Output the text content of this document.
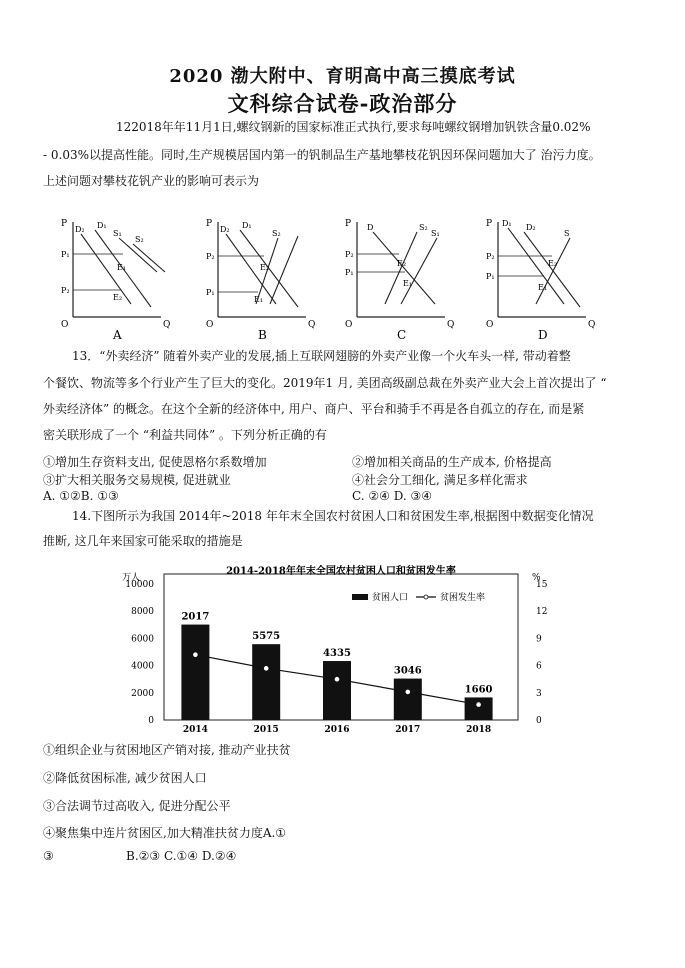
2020 渤大附中、育明高中高三摸底考试
文科综合试卷-政治部分
122018年年11月1日,螺纹钢新的国家标准正式执行,要求每吨螺纹钢增加钒铁含量0.02%
- 0.03%以提高性能。同时,生产规模居国内第一的钒制品生产基地攀枝花钒因环保问题加大了 治污力度。
上述问题对攀枝花钒产业的影响可表示为
P
Q
O
D₂ D₁
S₁
S₂
P₁
P₂
E₁
E₂
A
P
Q
O
D₂ D₁
S₂
P₂
P₁
E₂
E₁
B
P
Q
O
D	S₂
S₁
P₂
P₁
E₂
E₁
C
P
Q
O
D₁ D₂
S
P₂
P₁
E₂
E₁
D
13．“外卖经济” 随着外卖产业的发展,插上互联网翅膀的外卖产业像一个火车头一样, 带动着整
个餐饮、物流等多个行业产生了巨大的变化。2019年1 月, 美团高级副总裁在外卖产业大会上首次提出了 “
外卖经济体” 的概念。在这个全新的经济体中, 用户、商户、平台和骑手不再是各自孤立的存在, 而是紧
密关联形成了一个 “利益共同体” 。下列分析正确的有
①增加生存资料支出, 促使恩格尔系数增加	②增加相关商品的生产成本, 价格提高
③扩大相关服务交易规模, 促进就业	④社会分工细化, 满足多样化需求
A. ①②B. ①③	C. ②④ D. ③④
14.下图所示为我国 2014年~2018 年年末全国农村贫困人口和贫困发生率,根据图中数据变化情况
推断, 这几年来国家可能采取的措施是
2014-2018年年末全国农村贫困人口和贫困发生率
万人	%
0
2000
4000
6000
8000
10000
0
3
6
9
12
15
2017
2014
5575
2015
4335
2016
3046
2017
1660
2018
贫困人口	贫困发生率
①组织企业与贫困地区产销对接, 推动产业扶贫
②降低贫困标准, 减少贫困人口
③合法调节过高收入, 促进分配公平
④聚焦集中连片贫困区,加大精准扶贫力度A.①
③	B.②③ C.①④ D.②④
